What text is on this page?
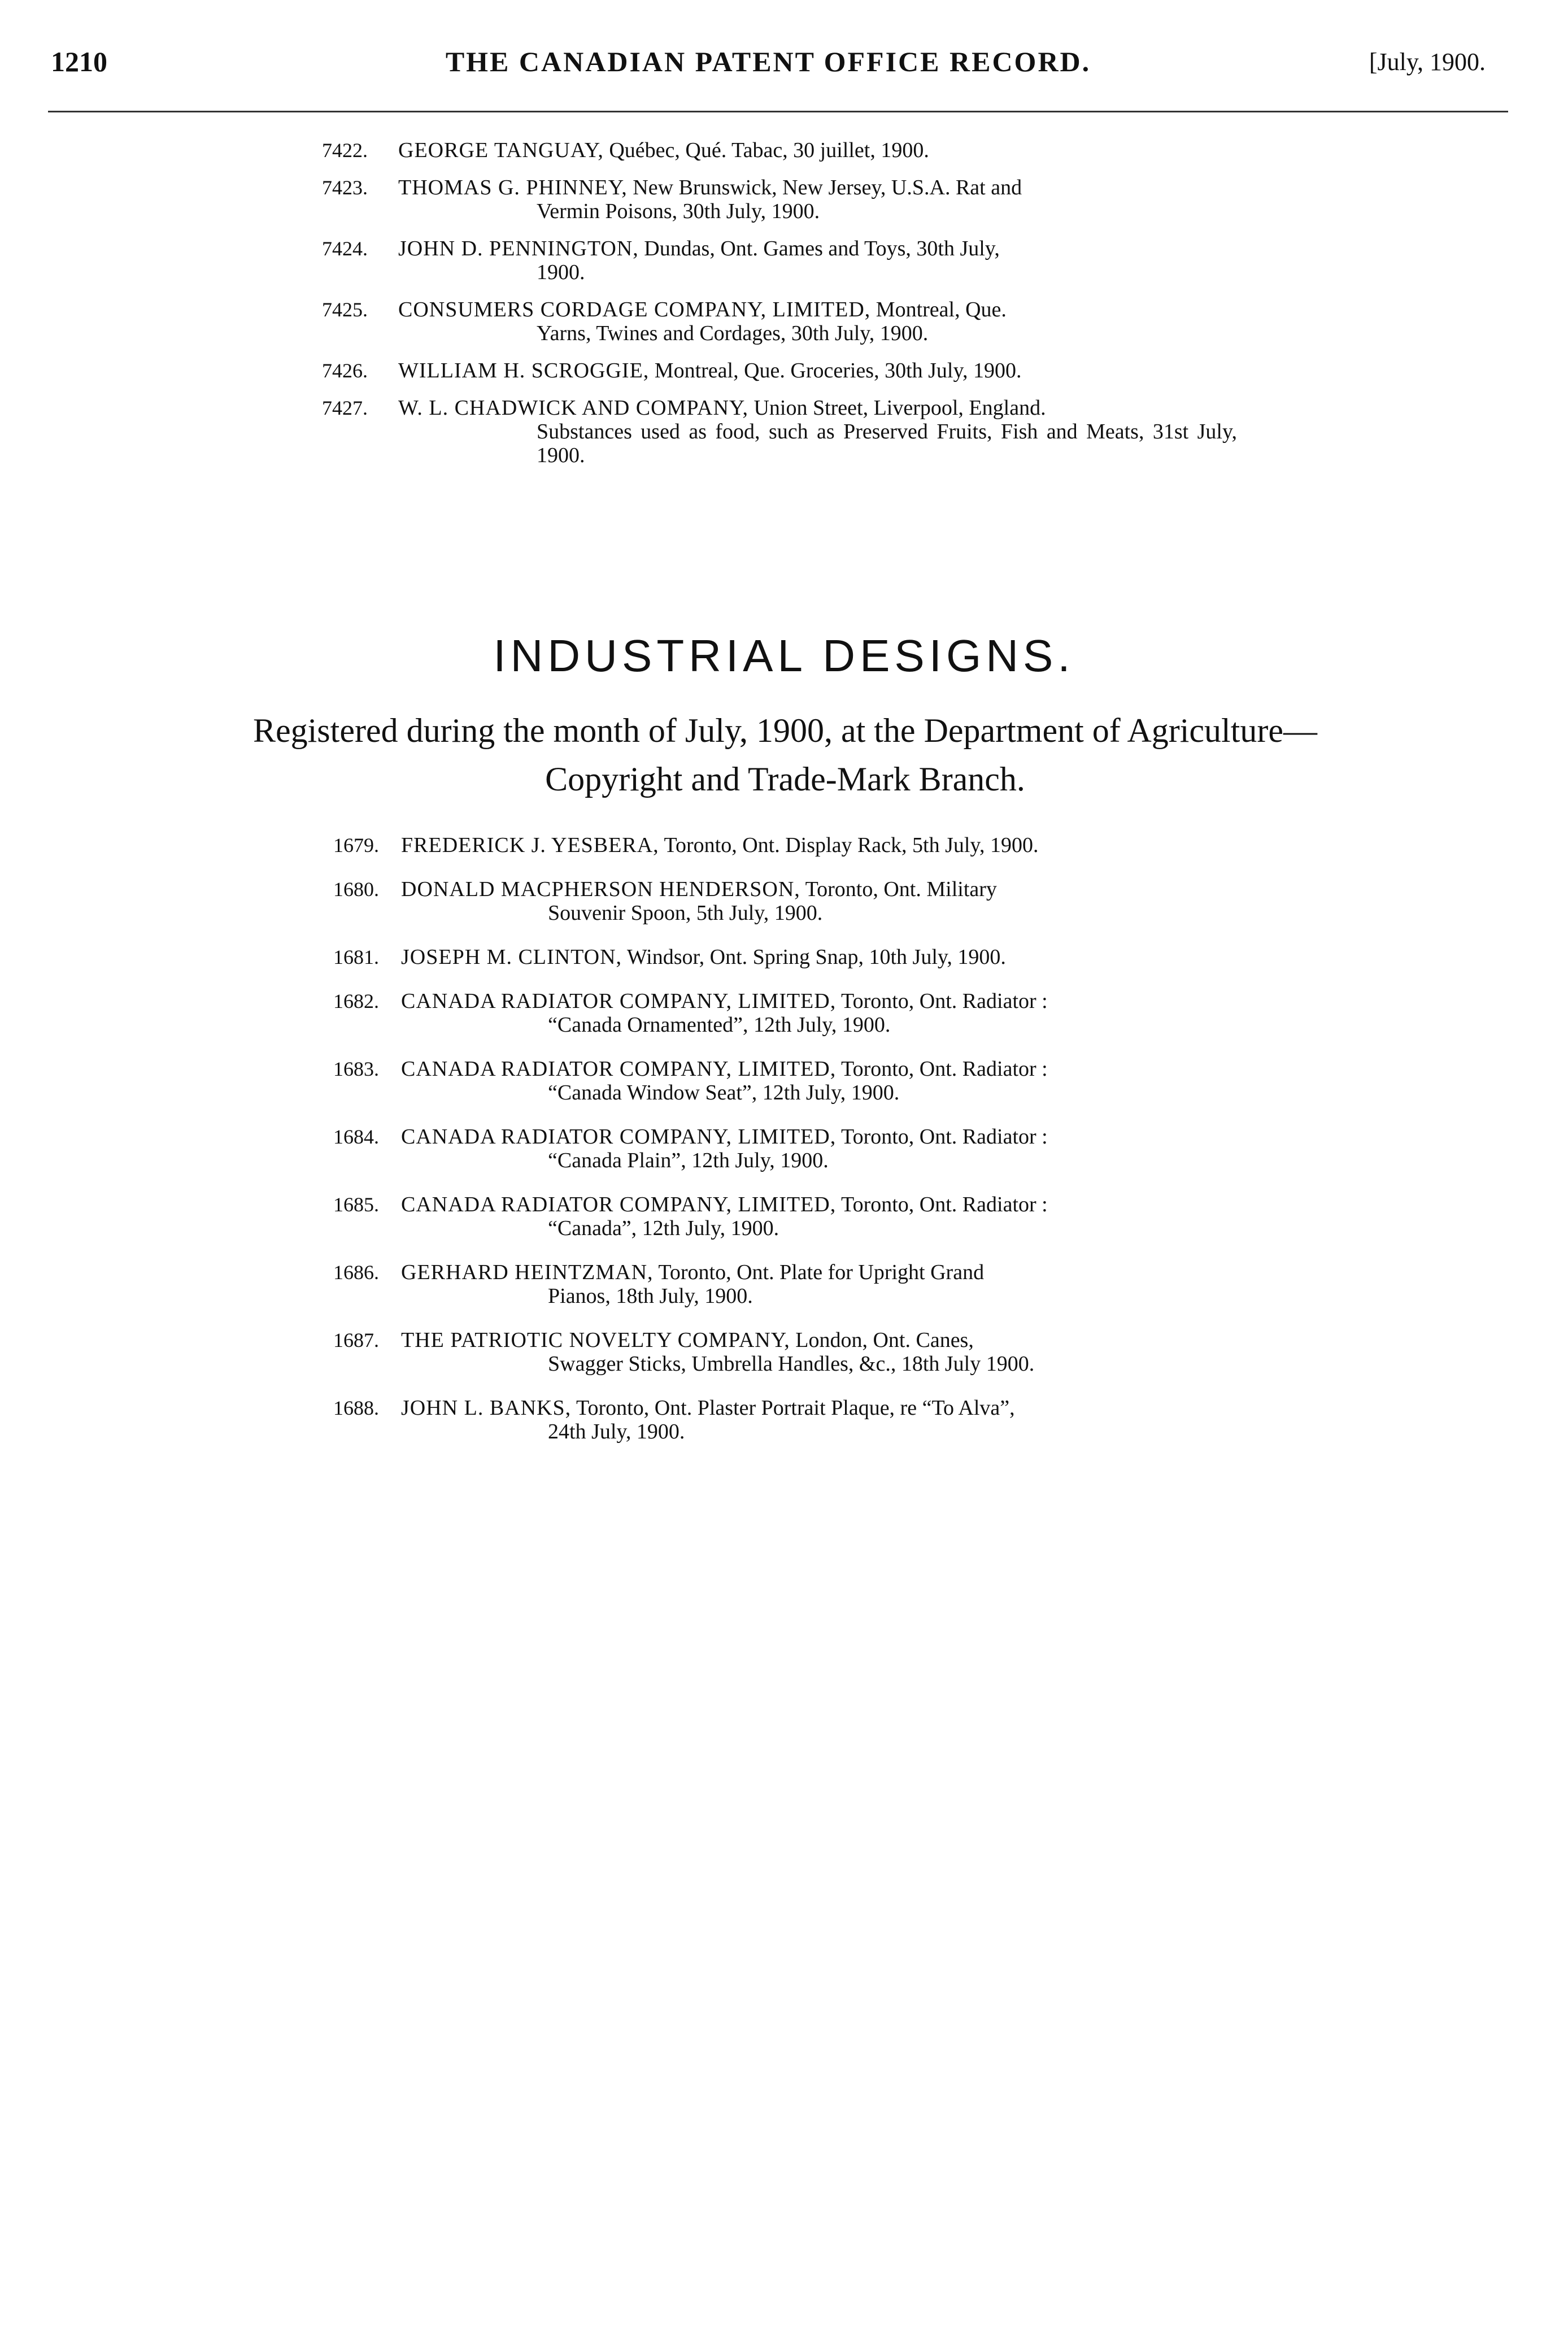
1210	THE CANADIAN PATENT OFFICE RECORD.	[July, 1900.
7422. GEORGE TANGUAY, Québec, Qué. Tabac, 30 juillet, 1900.
7423. THOMAS G. PHINNEY, New Brunswick, New Jersey, U.S.A. Rat and
Vermin Poisons, 30th July, 1900.
7424. JOHN D. PENNINGTON, Dundas, Ont. Games and Toys, 30th July,
1900.
7425. CONSUMERS CORDAGE COMPANY, LIMITED, Montreal, Que.
Yarns, Twines and Cordages, 30th July, 1900.
7426. WILLIAM H. SCROGGIE, Montreal, Que. Groceries, 30th July, 1900.
7427. W. L. CHADWICK AND COMPANY, Union Street, Liverpool, England.
Substances used as food, such as Preserved Fruits, Fish and Meats, 31st July, 1900.
INDUSTRIAL DESIGNS.
Registered during the month of July, 1900, at the Department of Agriculture—
Copyright and Trade-Mark Branch.
1679. FREDERICK J. YESBERA, Toronto, Ont. Display Rack, 5th July, 1900.
1680. DONALD MACPHERSON HENDERSON, Toronto, Ont. Military
Souvenir Spoon, 5th July, 1900.
1681. JOSEPH M. CLINTON, Windsor, Ont. Spring Snap, 10th July, 1900.
1682. CANADA RADIATOR COMPANY, LIMITED, Toronto, Ont. Radiator :
“Canada Ornamented”, 12th July, 1900.
1683. CANADA RADIATOR COMPANY, LIMITED, Toronto, Ont. Radiator :
“Canada Window Seat”, 12th July, 1900.
1684. CANADA RADIATOR COMPANY, LIMITED, Toronto, Ont. Radiator :
“Canada Plain”, 12th July, 1900.
1685. CANADA RADIATOR COMPANY, LIMITED, Toronto, Ont. Radiator :
“Canada”, 12th July, 1900.
1686. GERHARD HEINTZMAN, Toronto, Ont. Plate for Upright Grand
Pianos, 18th July, 1900.
1687. THE PATRIOTIC NOVELTY COMPANY, London, Ont. Canes,
Swagger Sticks, Umbrella Handles, &c., 18th July 1900.
1688. JOHN L. BANKS, Toronto, Ont. Plaster Portrait Plaque, re “To Alva”,
24th July, 1900.
